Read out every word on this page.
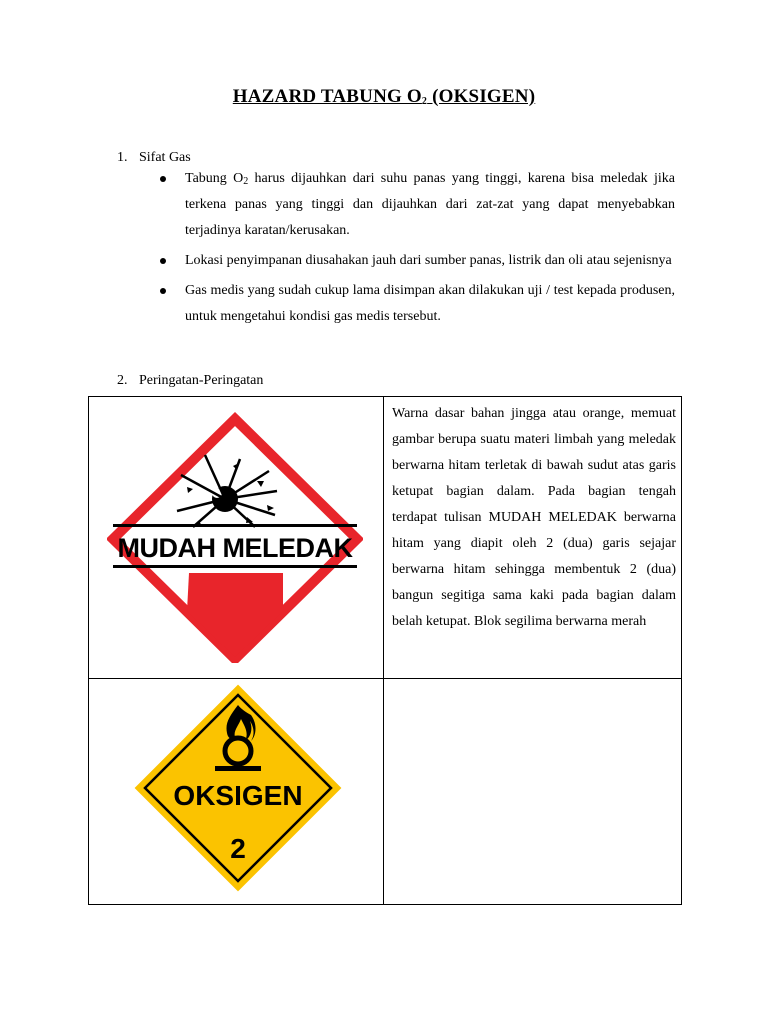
HAZARD TABUNG $O_2$ (OKSIGEN)
1. Sifat Gas
Tabung $O_2$ harus dijauhkan dari suhu panas yang tinggi, karena bisa meledak jika terkena panas yang tinggi dan dijauhkan dari zat-zat yang dapat menyebabkan terjadinya karatan/kerusakan.
Lokasi penyimpanan diusahakan jauh dari sumber panas, listrik dan oli atau sejenisnya
Gas medis yang sudah cukup lama disimpan akan dilakukan uji / test kepada produsen, untuk mengetahui kondisi gas medis tersebut.
2. Peringatan-Peringatan
MUDAH MELEDAK

Warna dasar bahan jingga atau orange, memuat gambar berupa suatu materi limbah yang meledak berwarna hitam terletak di bawah sudut atas garis ketupat bagian dalam. Pada bagian tengah terdapat tulisan MUDAH MELEDAK berwarna hitam yang diapit oleh 2 (dua) garis sejajar berwarna hitam sehingga membentuk 2 (dua) bangun segitiga sama kaki pada bagian dalam belah ketupat. Blok segilima berwarna merah

OKSIGEN
2
